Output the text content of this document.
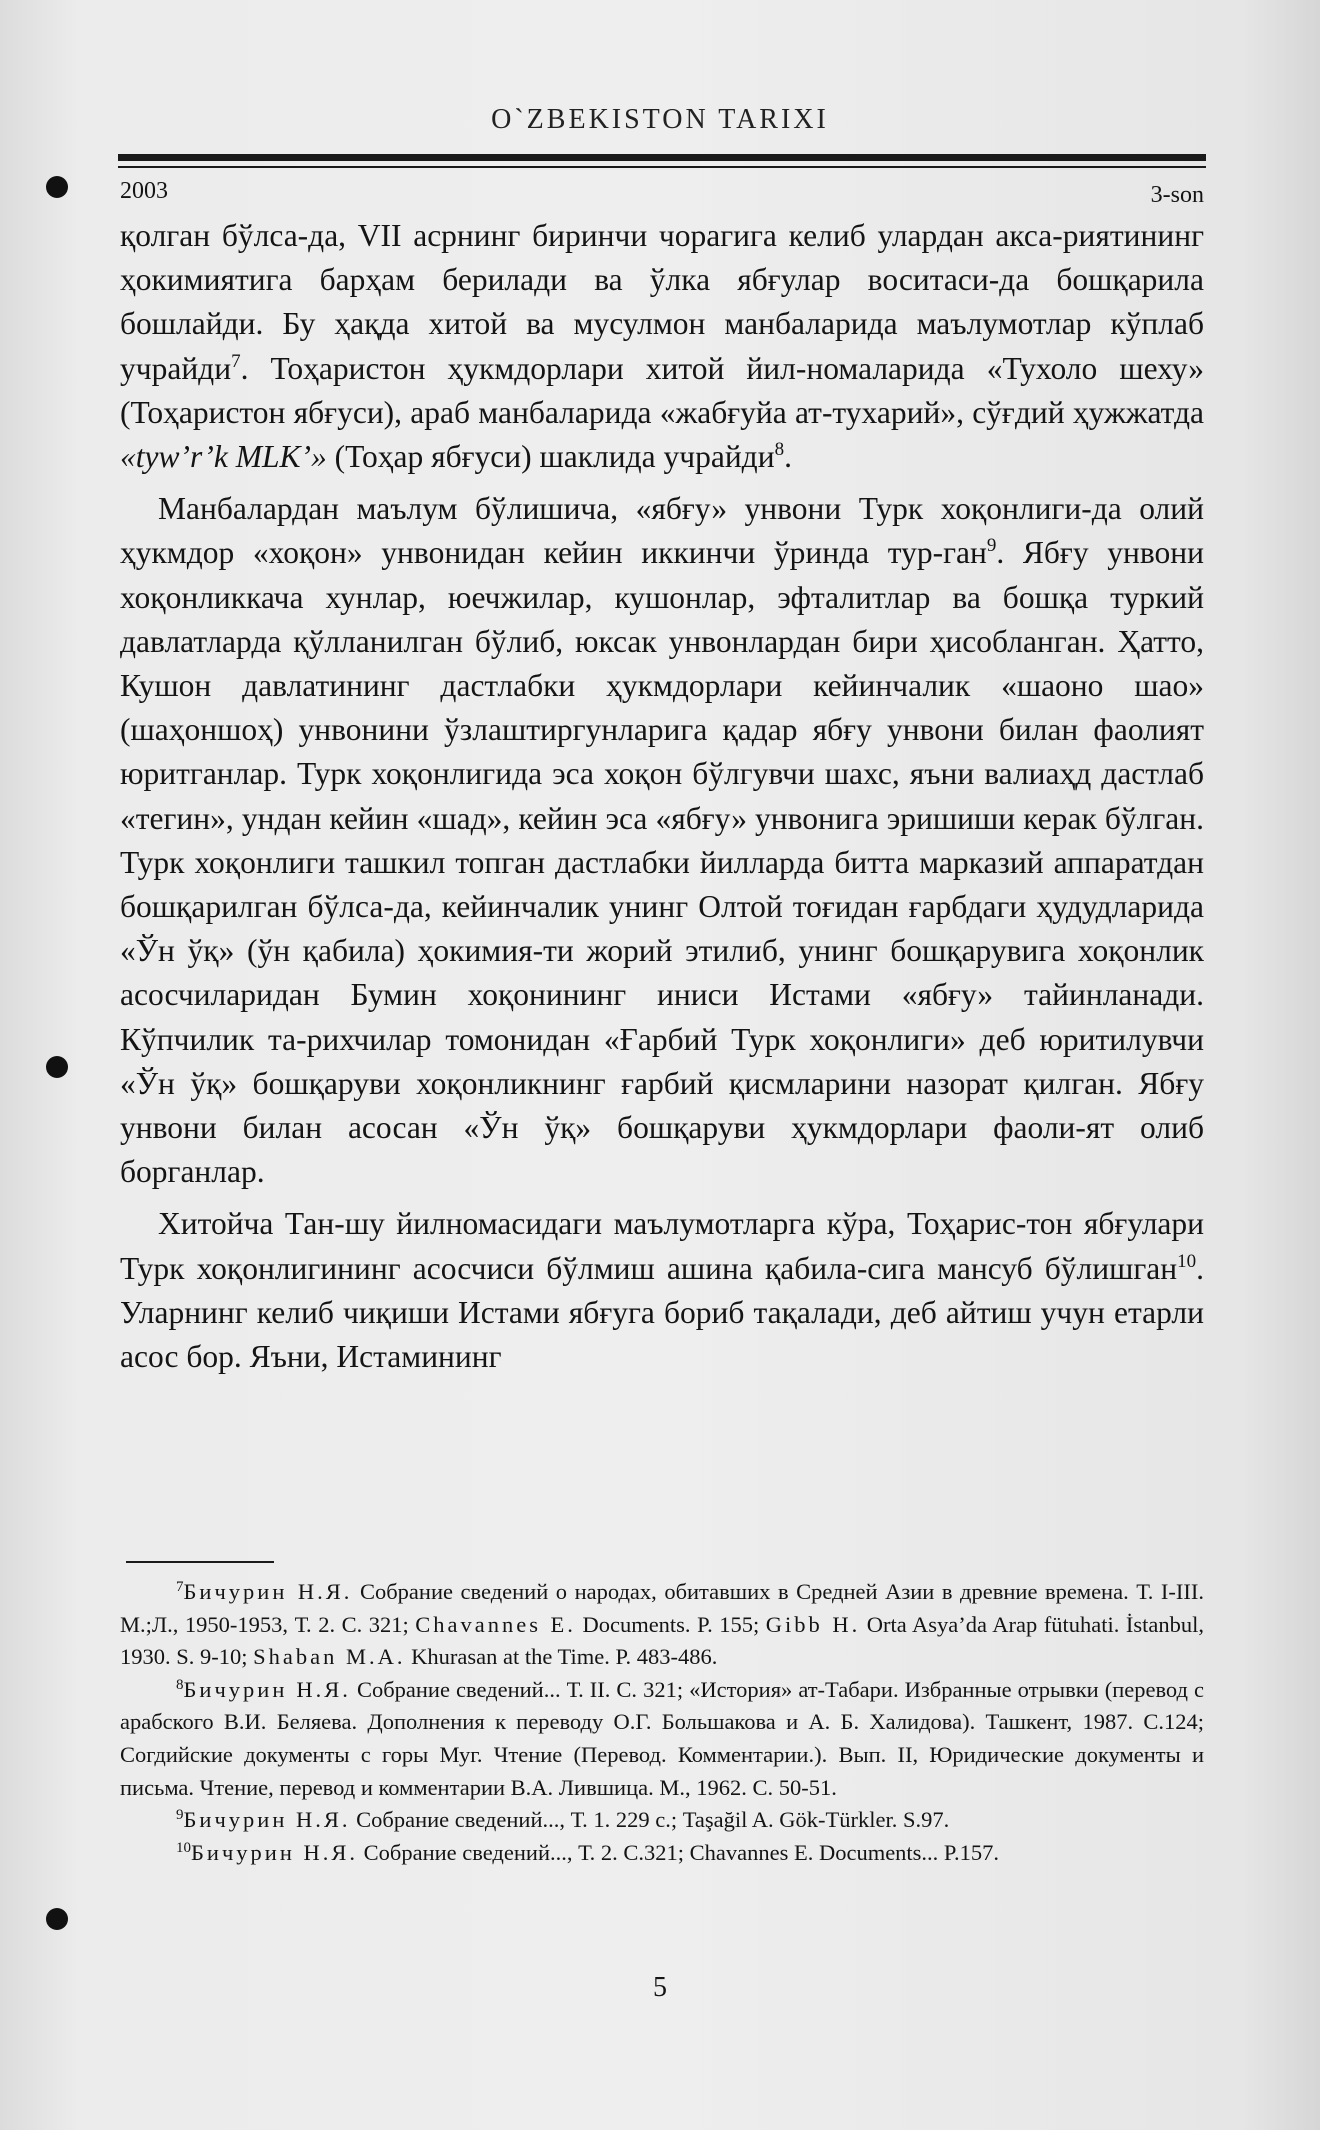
O`ZBEKISTON TARIXI
2003	3-son

қолган бўлса-да, VII асрнинг биринчи чорагига келиб улардан акса-риятининг ҳокимиятига барҳам берилади ва ўлка ябғулар воситаси-да бошқарила бошлайди. Бу ҳақда хитой ва мусулмон манбаларида маълумотлар кўплаб учрайди$^7$. Тоҳаристон ҳукмдорлари хитой йил-номаларида «Тухоло шеху» (Тоҳаристон ябғуси), араб манбаларида «жабғуйа ат-тухарий», сўғдий ҳужжатда «tyw’r’k MLK’» (Тоҳар ябғуси) шаклида учрайди$^8$.

Манбалардан маълум бўлишича, «ябғу» унвони Турк хоқонлиги-да олий ҳукмдор «хоқон» унвонидан кейин иккинчи ўринда тур-ган$^9$. Ябғу унвони хоқонликкача хунлар, юечжилар, кушонлар, эфталитлар ва бошқа туркий давлатларда қўлланилган бўлиб, юксак унвонлардан бири ҳисобланган. Ҳатто, Кушон давлатининг дастлабки ҳукмдорлари кейинчалик «шаоно шао» (шаҳоншоҳ) унвонини ўзлаштиргунларига қадар ябғу унвони билан фаолият юритганлар. Турк хоқонлигида эса хоқон бўлгувчи шахс, яъни валиаҳд дастлаб «тегин», ундан кейин «шад», кейин эса «ябғу» унвонига эришиши керак бўлган. Турк хоқонлиги ташкил топган дастлабки йилларда битта марказий аппаратдан бошқарилган бўлса-да, кейинчалик унинг Олтой тоғидан ғарбдаги ҳудудларида «Ўн ўқ» (ўн қабила) ҳокимия-ти жорий этилиб, унинг бошқарувига хоқонлик асосчиларидан Бумин хоқонининг иниси Истами «ябғу» тайинланади. Кўпчилик та-рихчилар томонидан «Ғарбий Турк хоқонлиги» деб юритилувчи «Ўн ўқ» бошқаруви хоқонликнинг ғарбий қисмларини назорат қилган. Ябғу унвони билан асосан «Ўн ўқ» бошқаруви ҳукмдорлари фаоли-ят олиб борганлар.

Хитойча Тан-шу йилномасидаги маълумотларга кўра, Тоҳарис-тон ябғулари Турк хоқонлигининг асосчиси бўлмиш ашина қабила-сига мансуб бўлишган$^{10}$. Уларнинг келиб чиқиши Истами ябғуга бориб тақалади, деб айтиш учун етарли асос бор. Яъни, Истамининг

$^7$Бичурин Н.Я. Собрание сведений о народах, обитавших в Средней Азии в древние времена. Т. I-III. М.;Л., 1950-1953, Т. 2. С. 321; Chavannes E. Documents. P. 155; Gibb H. Orta Asya’da Arap fütuhati. İstanbul, 1930. S. 9-10; Shaban M.A. Khurasan at the Time. P. 483-486.

$^8$Бичурин Н.Я. Собрание сведений... Т. II. С. 321; «История» ат-Табари. Избранные отрывки (перевод с арабского В.И. Беляева. Дополнения к переводу О.Г. Большакова и А. Б. Халидова). Ташкент, 1987. С.124; Согдийские документы с горы Муг. Чтение (Перевод. Комментарии.). Вып. II, Юридические документы и письма. Чтение, перевод и комментарии В.А. Лившица. М., 1962. С. 50-51.

$^9$Бичурин Н.Я. Собрание сведений..., Т. 1. 229 с.; Taşağil A. Gök-Türkler. S.97.

$^{10}$Бичурин Н.Я. Собрание сведений..., Т. 2. С.321; Chavannes E. Documents... P.157.

5
